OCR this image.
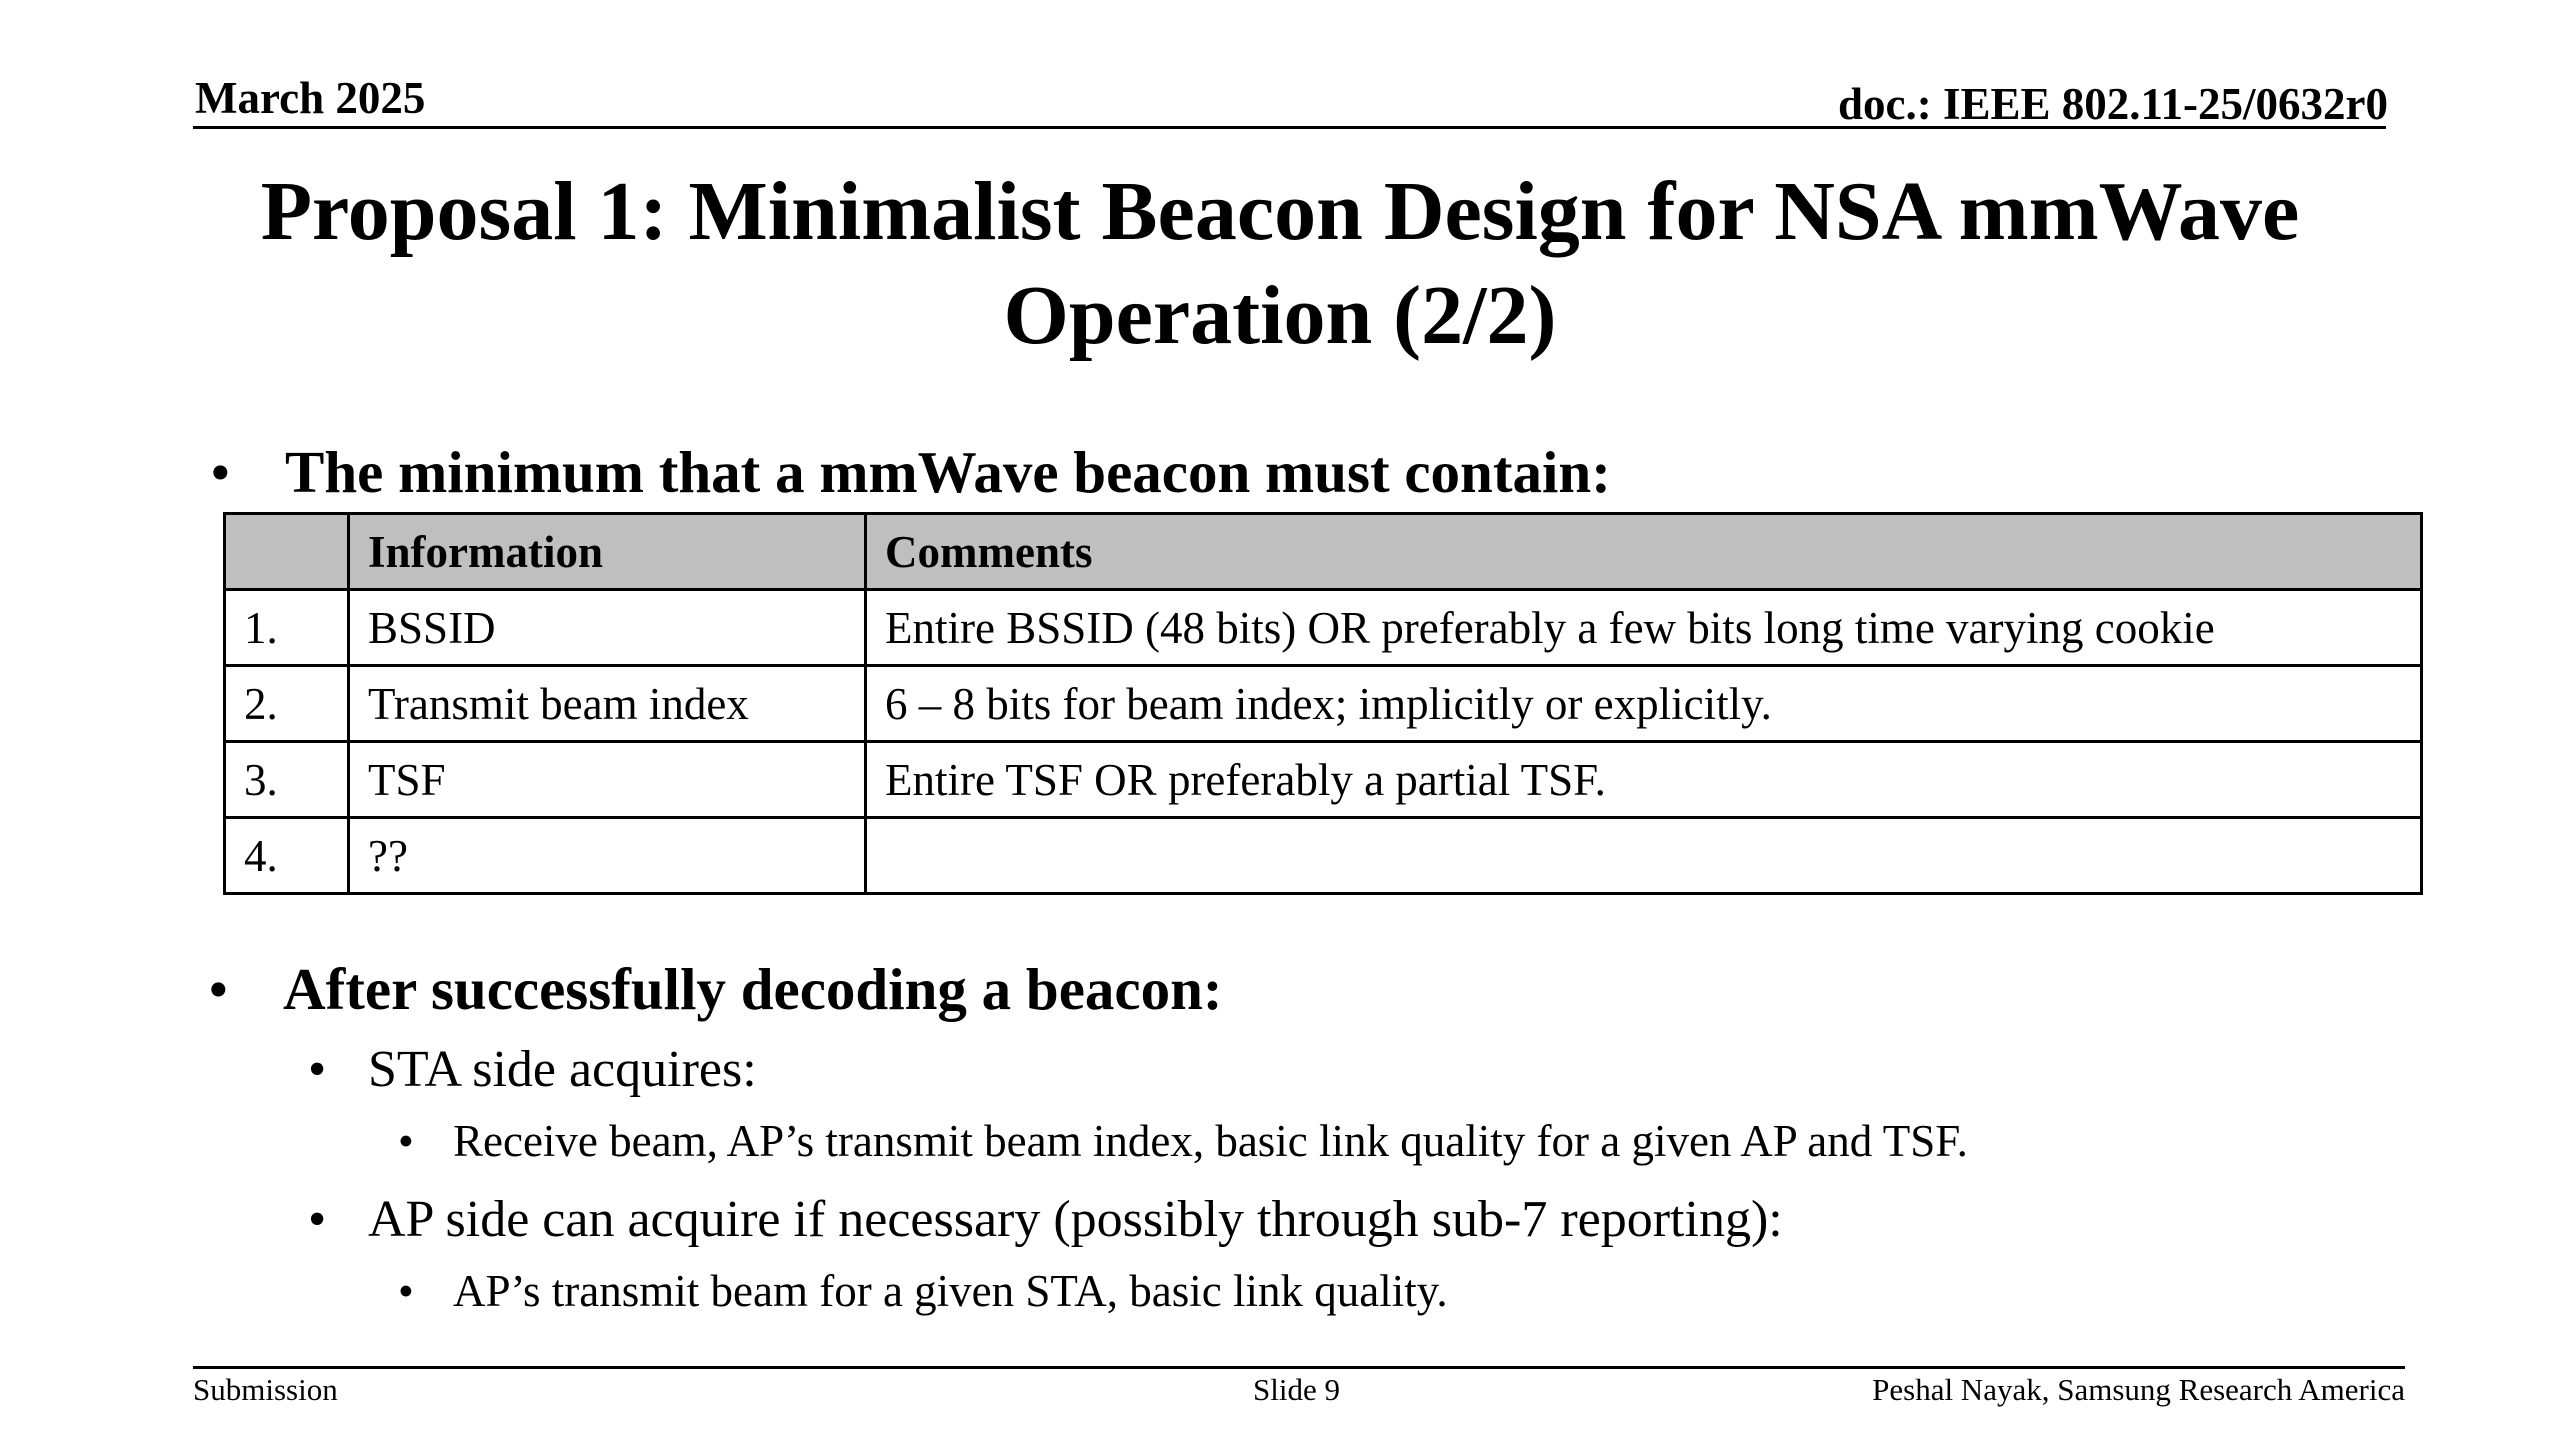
March 2025	doc.: IEEE 802.11-25/0632r0
Proposal 1: Minimalist Beacon Design for NSA mmWave Operation (2/2)
• The minimum that a mmWave beacon must contain:
	Information	Comments
1.	BSSID	Entire BSSID (48 bits) OR preferably a few bits long time varying cookie
2.	Transmit beam index	6 – 8 bits for beam index; implicitly or explicitly.
3.	TSF	Entire TSF OR preferably a partial TSF.
4.	??	
• After successfully decoding a beacon:
• STA side acquires:
• Receive beam, AP’s transmit beam index, basic link quality for a given AP and TSF.
• AP side can acquire if necessary (possibly through sub-7 reporting):
• AP’s transmit beam for a given STA, basic link quality.
Submission	Slide 9	Peshal Nayak, Samsung Research America
